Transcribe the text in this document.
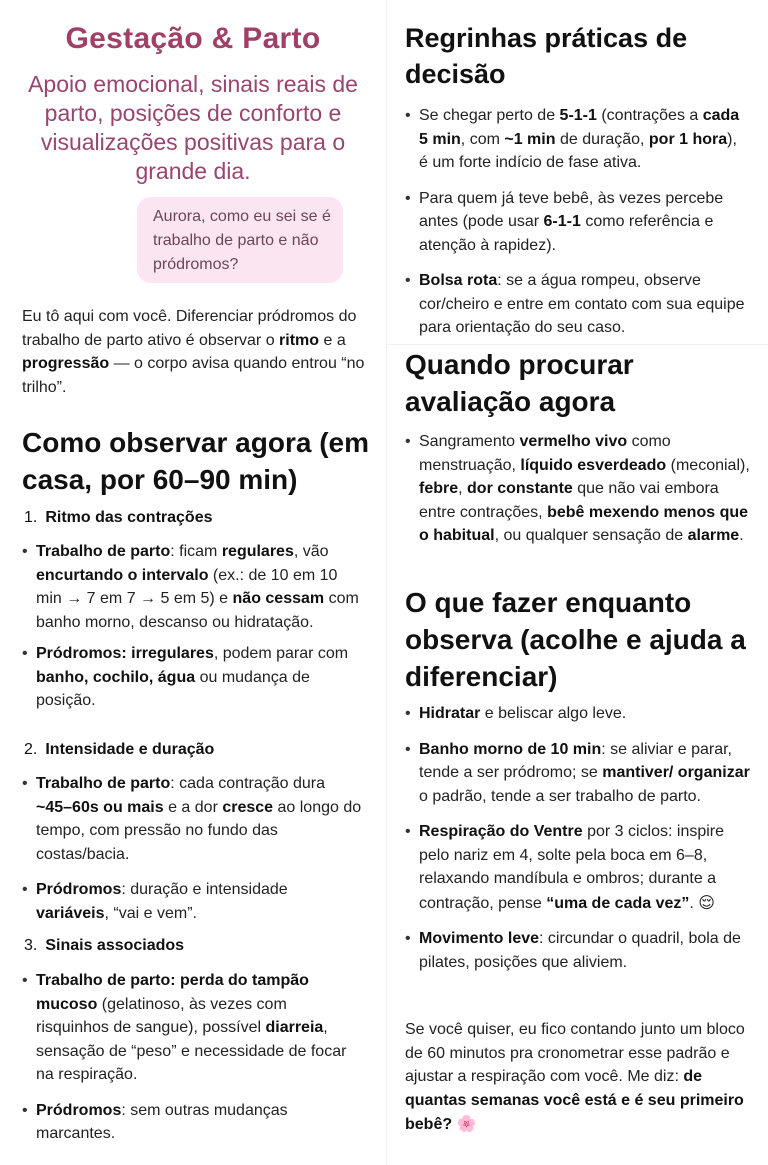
Gestação & Parto
Apoio emocional, sinais reais de parto, posições de conforto e visualizações positivas para o grande dia.
Aurora, como eu sei se é trabalho de parto e não pródromos?
Eu tô aqui com você. Diferenciar pródromos do trabalho de parto ativo é observar o ritmo e a progressão — o corpo avisa quando entrou “no trilho”.
Como observar agora (em casa, por 60–90 min)
1. Ritmo das contrações
• Trabalho de parto: ficam regulares, vão encurtando o intervalo (ex.: de 10 em 10 min → 7 em 7 → 5 em 5) e não cessam com banho morno, descanso ou hidratação.
• Pródromos: irregulares, podem parar com banho, cochilo, água ou mudança de posição.
2. Intensidade e duração
• Trabalho de parto: cada contração dura ~45–60s ou mais e a dor cresce ao longo do tempo, com pressão no fundo das costas/bacia.
• Pródromos: duração e intensidade variáveis, “vai e vem”.
3. Sinais associados
• Trabalho de parto: perda do tampão mucoso (gelatinoso, às vezes com risquinhos de sangue), possível diarreia, sensação de “peso” e necessidade de focar na respiração.
• Pródromos: sem outras mudanças marcantes.
Regrinhas práticas de decisão
• Se chegar perto de 5-1-1 (contrações a cada 5 min, com ~1 min de duração, por 1 hora), é um forte indício de fase ativa.
• Para quem já teve bebê, às vezes percebe antes (pode usar 6-1-1 como referência e atenção à rapidez).
• Bolsa rota: se a água rompeu, observe cor/cheiro e entre em contato com sua equipe para orientação do seu caso.
Quando procurar avaliação agora
• Sangramento vermelho vivo como menstruação, líquido esverdeado (meconial), febre, dor constante que não vai embora entre contrações, bebê mexendo menos que o habitual, ou qualquer sensação de alarme.
O que fazer enquanto observa (acolhe e ajuda a diferenciar)
• Hidratar e beliscar algo leve.
• Banho morno de 10 min: se aliviar e parar, tende a ser pródromo; se mantiver/ organizar o padrão, tende a ser trabalho de parto.
• Respiração do Ventre por 3 ciclos: inspire pelo nariz em 4, solte pela boca em 6–8, relaxando mandíbula e ombros; durante a contração, pense “uma de cada vez”. 😌
• Movimento leve: circundar o quadril, bola de pilates, posições que aliviem.
Se você quiser, eu fico contando junto um bloco de 60 minutos pra cronometrar esse padrão e ajustar a respiração com você. Me diz: de quantas semanas você está e é seu primeiro bebê? 🌸
